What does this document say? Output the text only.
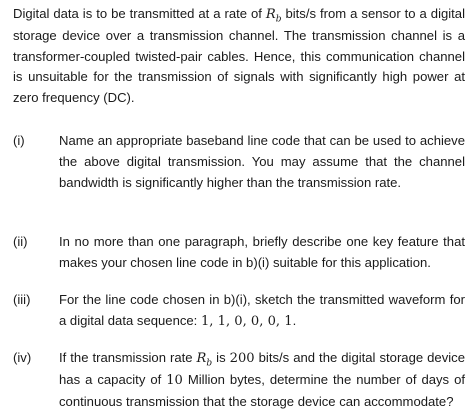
Digital data is to be transmitted at a rate of $R_b$ bits/s from a sensor to a digital storage device over a transmission channel. The transmission channel is a transformer-coupled twisted-pair cables. Hence, this communication channel is unsuitable for the transmission of signals with significantly high power at zero frequency (DC).

(i)	Name an appropriate baseband line code that can be used to achieve the above digital transmission. You may assume that the channel bandwidth is significantly higher than the transmission rate.

(ii) In no more than one paragraph, briefly describe one key feature that makes your chosen line code in b)(i) suitable for this application.

(iii) For the line code chosen in b)(i), sketch the transmitted waveform for a digital data sequence: 1, 1, 0, 0, 0, 1.

(iv) If the transmission rate $R_b$ is 200 bits/s and the digital storage device has a capacity of 10 Million bytes, determine the number of days of continuous transmission that the storage device can accommodate?
